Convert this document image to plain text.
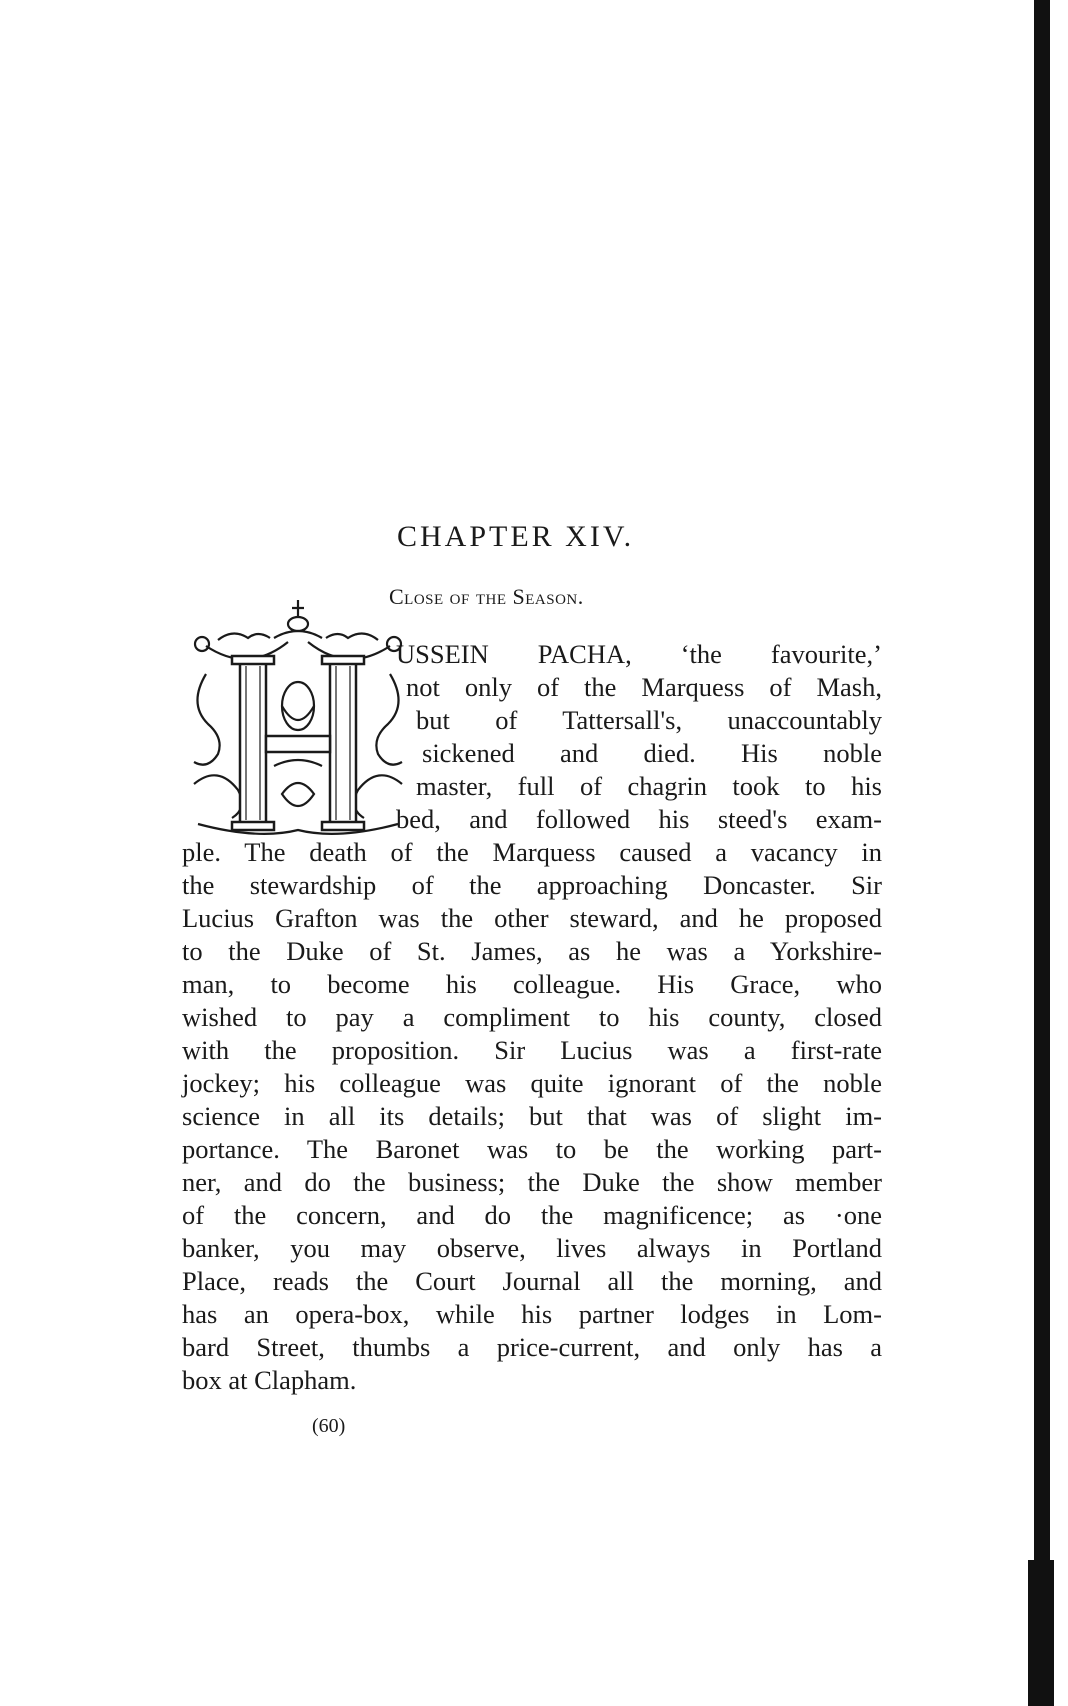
CHAPTER XIV.
Close of the Season.
USSEIN PACHA, ‘the favourite,’
not only of the Marquess of Mash,
but of Tattersall's, unaccountably
sickened and died. His noble
master, full of chagrin took to his
bed, and followed his steed's exam-
ple. The death of the Marquess caused a vacancy in
the stewardship of the approaching Doncaster. Sir
Lucius Grafton was the other steward, and he proposed
to the Duke of St. James, as he was a Yorkshire-
man, to become his colleague. His Grace, who
wished to pay a compliment to his county, closed
with the proposition. Sir Lucius was a first-rate
jockey; his colleague was quite ignorant of the noble
science in all its details; but that was of slight im-
portance. The Baronet was to be the working part-
ner, and do the business; the Duke the show member
of the concern, and do the magnificence; as ·one
banker, you may observe, lives always in Portland
Place, reads the Court Journal all the morning, and
has an opera-box, while his partner lodges in Lom-
bard Street, thumbs a price-current, and only has a
box at Clapham.
(60)
